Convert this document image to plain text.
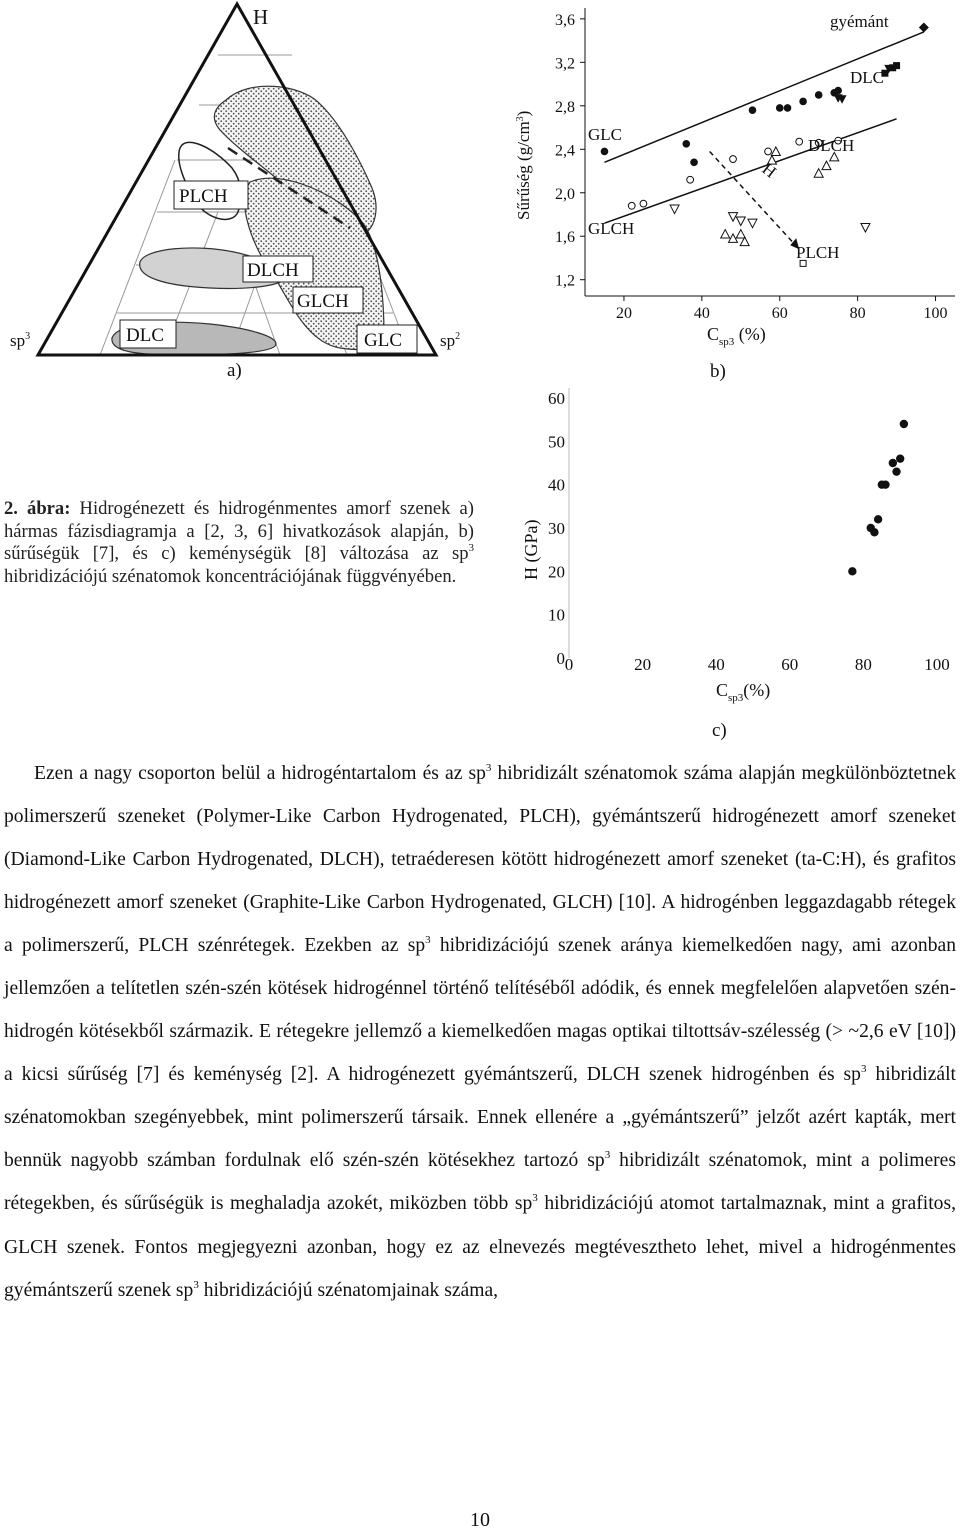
H
$sp^3$	$sp^2$
PLCH
DLCH
GLCH
DLC	GLC
a)
1,2
1,6
2,0
2,4
2,8
3,2
3,6
20	40	60	80	100
Sűrűség $(g/cm^3)$
$C_{sp3}$ (%)
gyémánt
DLC
GLC
DLCH
GLCH
PLCH
H
b)
0
10
20
30
40
50
60
0	20	40	60	80	100
H (GPa)
$C_{sp3}(\%)$
c)
2. ábra: Hidrogénezett és hidrogénmentes amorf szenek a) hármas fázisdiagramja a [2, 3, 6] hivatkozások alapján, b) sűrűségük [7], és c) keménységük [8] változása az $sp^3$ hibridizációjú szénatomok koncentrációjának függvényében.

Ezen a nagy csoporton belül a hidrogéntartalom és az $sp^3$ hibridizált szénatomok száma alapján megkülönböztetnek polimerszerű szeneket (Polymer-Like Carbon Hydrogenated, PLCH), gyémántszerű hidrogénezett amorf szeneket (Diamond-Like Carbon Hydrogenated, DLCH), tetraéderesen kötött hidrogénezett amorf szeneket (ta-C:H), és grafitos hidrogénezett amorf szeneket (Graphite-Like Carbon Hydrogenated, GLCH) [10]. A hidrogénben leggazdagabb rétegek a polimerszerű, PLCH szénrétegek. Ezekben az $sp^3$ hibridizációjú szenek aránya kiemelkedően nagy, ami azonban jellemzően a telítetlen szén-szén kötések hidrogénnel történő telítéséből adódik, és ennek megfelelően alapvetően szén-hidrogén kötésekből származik. E rétegekre jellemző a kiemelkedően magas optikai tiltottsáv-szélesség (> ~2,6 eV [10]) a kicsi sűrűség [7] és keménység [2]. A hidrogénezett gyémántszerű, DLCH szenek hidrogénben és $sp^3$ hibridizált szénatomokban szegényebbek, mint polimerszerű társaik. Ennek ellenére a „gyémántszerű” jelzőt azért kapták, mert bennük nagyobb számban fordulnak elő szén-szén kötésekhez tartozó $sp^3$ hibridizált szénatomok, mint a polimeres rétegekben, és sűrűségük is meghaladja azokét, miközben több $sp^3$ hibridizációjú atomot tartalmaznak, mint a grafitos, GLCH szenek. Fontos megjegyezni azonban, hogy ez az elnevezés megtévesztheto lehet, mivel a hidrogénmentes gyémántszerű szenek $sp^3$ hibridizációjú szénatomjainak száma,

10
